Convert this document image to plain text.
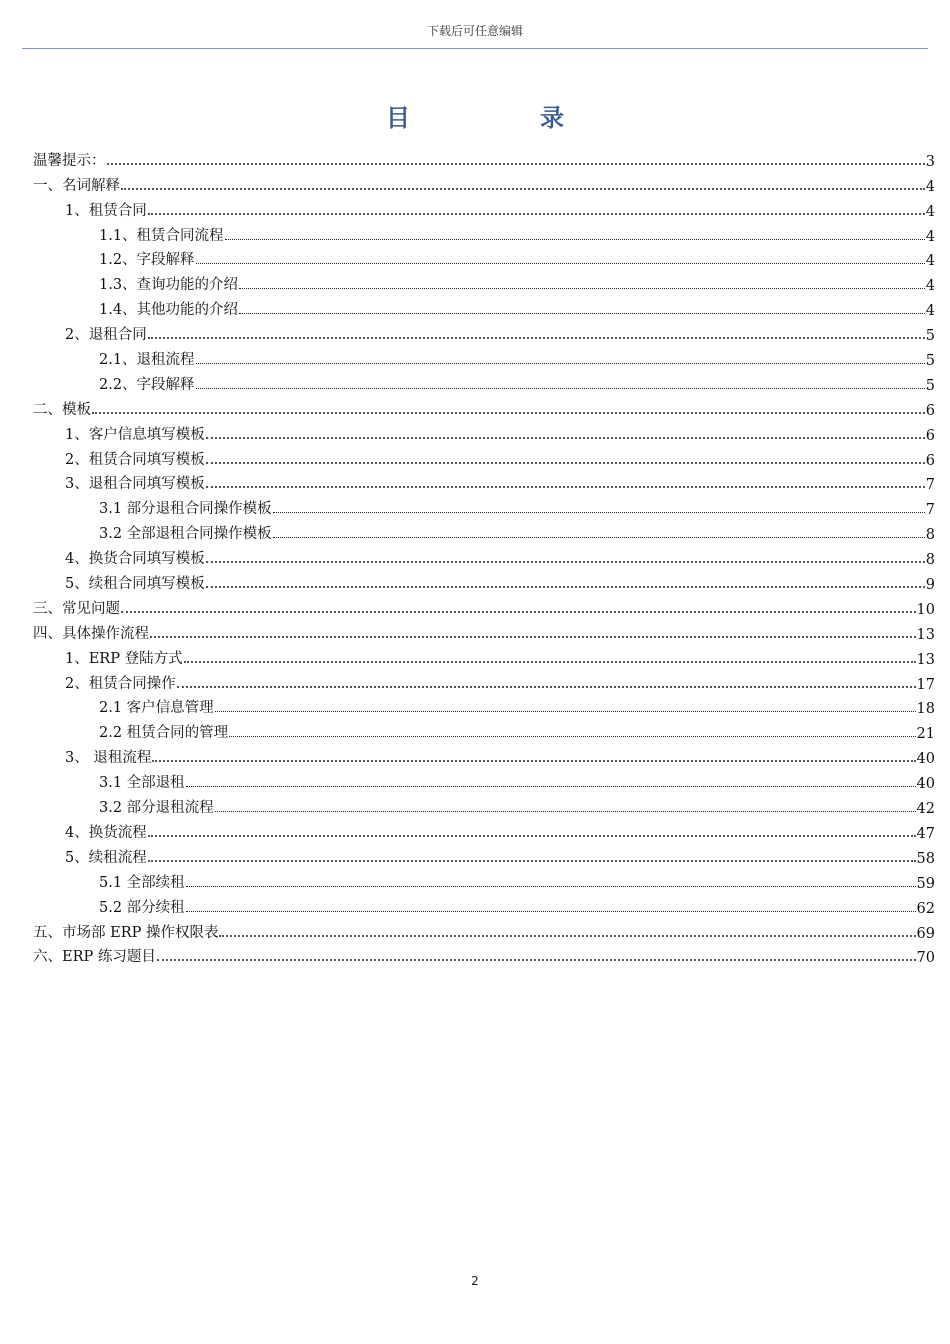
下载后可任意编辑
目	录
温馨提示：	3
一、名词解释	4
1、租赁合同	4
1.1、租赁合同流程	4
1.2、字段解释	4
1.3、查询功能的介绍	4
1.4、其他功能的介绍	4
2、退租合同	5
2.1、退租流程	5
2.2、字段解释	5
二、模板	6
1、客户信息填写模板	6
2、租赁合同填写模板	6
3、退租合同填写模板	7
3.1 部分退租合同操作模板	7
3.2 全部退租合同操作模板	8
4、换货合同填写模板	8
5、续租合同填写模板	9
三、常见问题	10
四、具体操作流程	13
1、ERP 登陆方式	13
2、租赁合同操作	17
2.1 客户信息管理	18
2.2 租赁合同的管理	21
3、 退租流程	40
3.1 全部退租	40
3.2 部分退租流程	42
4、换货流程	47
5、续租流程	58
5.1 全部续租	59
5.2 部分续租	62
五、市场部 ERP 操作权限表	69
六、ERP 练习题目	70
2
